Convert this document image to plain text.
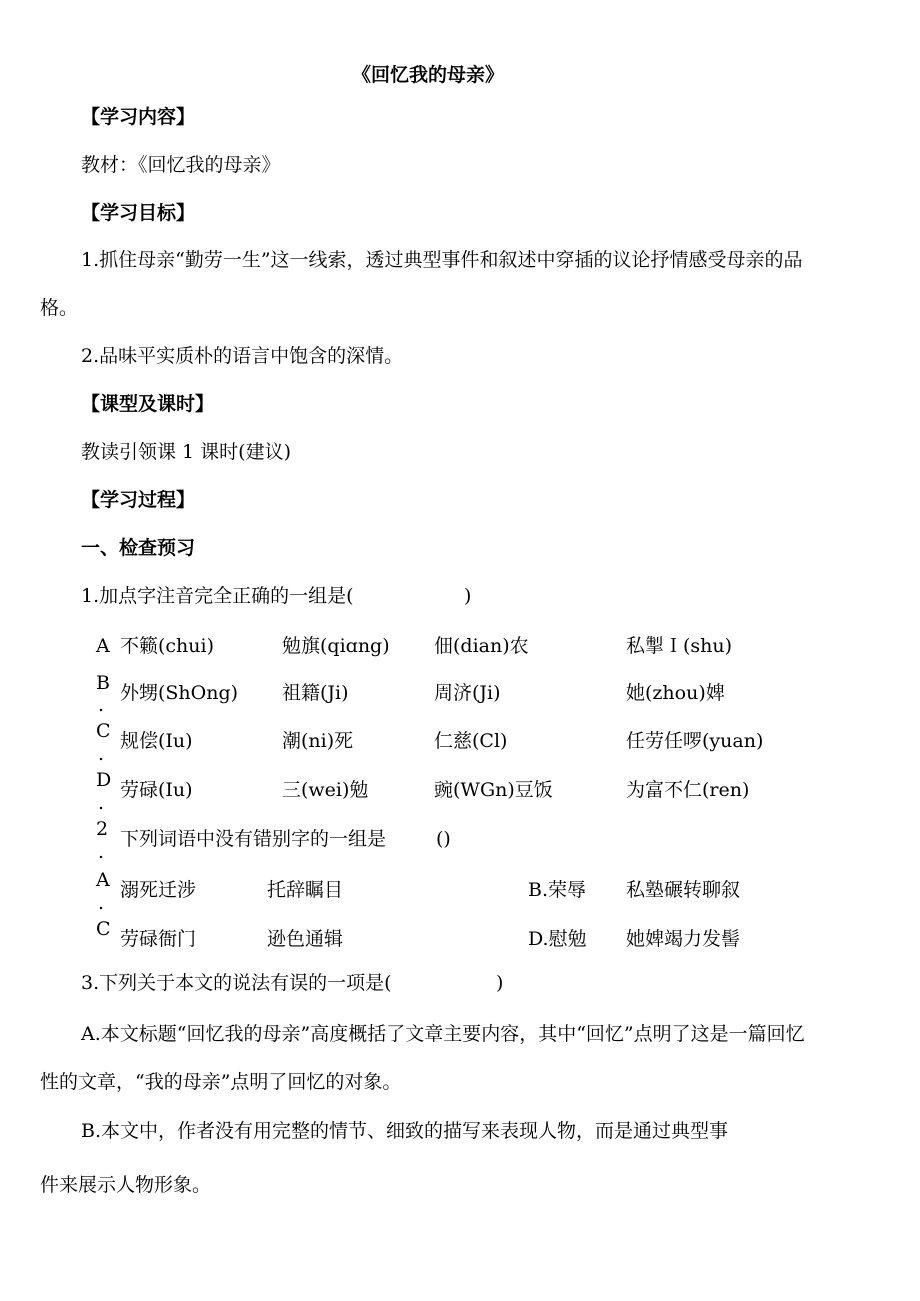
《回忆我的母亲》
【学习内容】
教材：《回忆我的母亲》
【学习目标】
1.抓住母亲“勤劳一生”这一线索，透过典型事件和叙述中穿插的议论抒情感受母亲的品
格。
2.品味平实质朴的语言中饱含的深情。
【课型及课时】
教读引领课 1 课时(建议)
【学习过程】
一、检查预习
1.加点字注音完全正确的一组是(	)
A 不籁(chui)	勉旗(qiɑng) 佃(dian)农	私掣Ｉ(shu)
B 外甥(ShOng) 祖籍(Ji)	周济(Ji)	她(zhou)婢
.
C 规偿(Iu)	潮(ni)死	仁慈(Cl)	任劳任啰(yuan)
.
D 劳碌(Iu)	三(wei)勉	豌(WGn)豆饭	为富不仁(ren)
.
2 下列词语中没有错别字的一组是	()
.
A 溺死迁涉	托辞瞩目	B.荣辱 私塾碾转聊叙
.
C 劳碌衙门	逊色通辑	D.慰勉 她婢竭力发髻
3.下列关于本文的说法有误的一项是(	)
A.本文标题“回忆我的母亲”高度概括了文章主要内容，其中“回忆”点明了这是一篇回忆
性的文章，“我的母亲”点明了回忆的对象。
B.本文中，作者没有用完整的情节、细致的描写来表现人物，而是通过典型事
件来展示人物形象。
